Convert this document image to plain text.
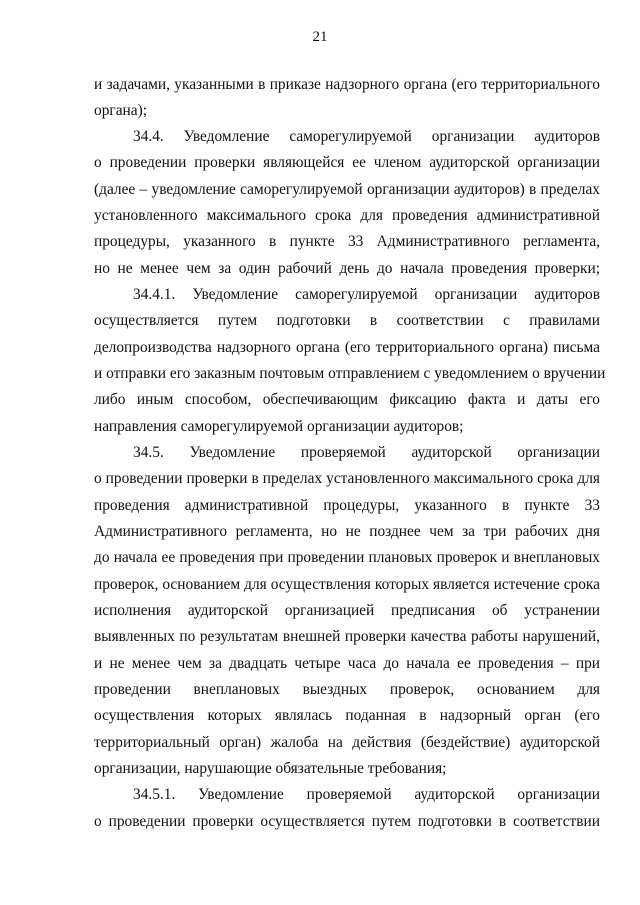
21
и задачами, указанными в приказе надзорного органа (его территориального
органа);
34.4. Уведомление саморегулируемой организации аудиторов
о проведении проверки являющейся ее членом аудиторской организации
(далее – уведомление саморегулируемой организации аудиторов) в пределах
установленного максимального срока для проведения административной
процедуры, указанного в пункте 33 Административного регламента,
но не менее чем за один рабочий день до начала проведения проверки;
34.4.1. Уведомление саморегулируемой организации аудиторов
осуществляется путем подготовки в соответствии с правилами
делопроизводства надзорного органа (его территориального органа) письма
и отправки его заказным почтовым отправлением с уведомлением о вручении
либо иным способом, обеспечивающим фиксацию факта и даты его
направления саморегулируемой организации аудиторов;
34.5. Уведомление проверяемой аудиторской организации
о проведении проверки в пределах установленного максимального срока для
проведения административной процедуры, указанного в пункте 33
Административного регламента, но не позднее чем за три рабочих дня
до начала ее проведения при проведении плановых проверок и внеплановых
проверок, основанием для осуществления которых является истечение срока
исполнения аудиторской организацией предписания об устранении
выявленных по результатам внешней проверки качества работы нарушений,
и не менее чем за двадцать четыре часа до начала ее проведения – при
проведении внеплановых выездных проверок, основанием для
осуществления которых являлась поданная в надзорный орган (его
территориальный орган) жалоба на действия (бездействие) аудиторской
организации, нарушающие обязательные требования;
34.5.1. Уведомление проверяемой аудиторской организации
о проведении проверки осуществляется путем подготовки в соответствии
